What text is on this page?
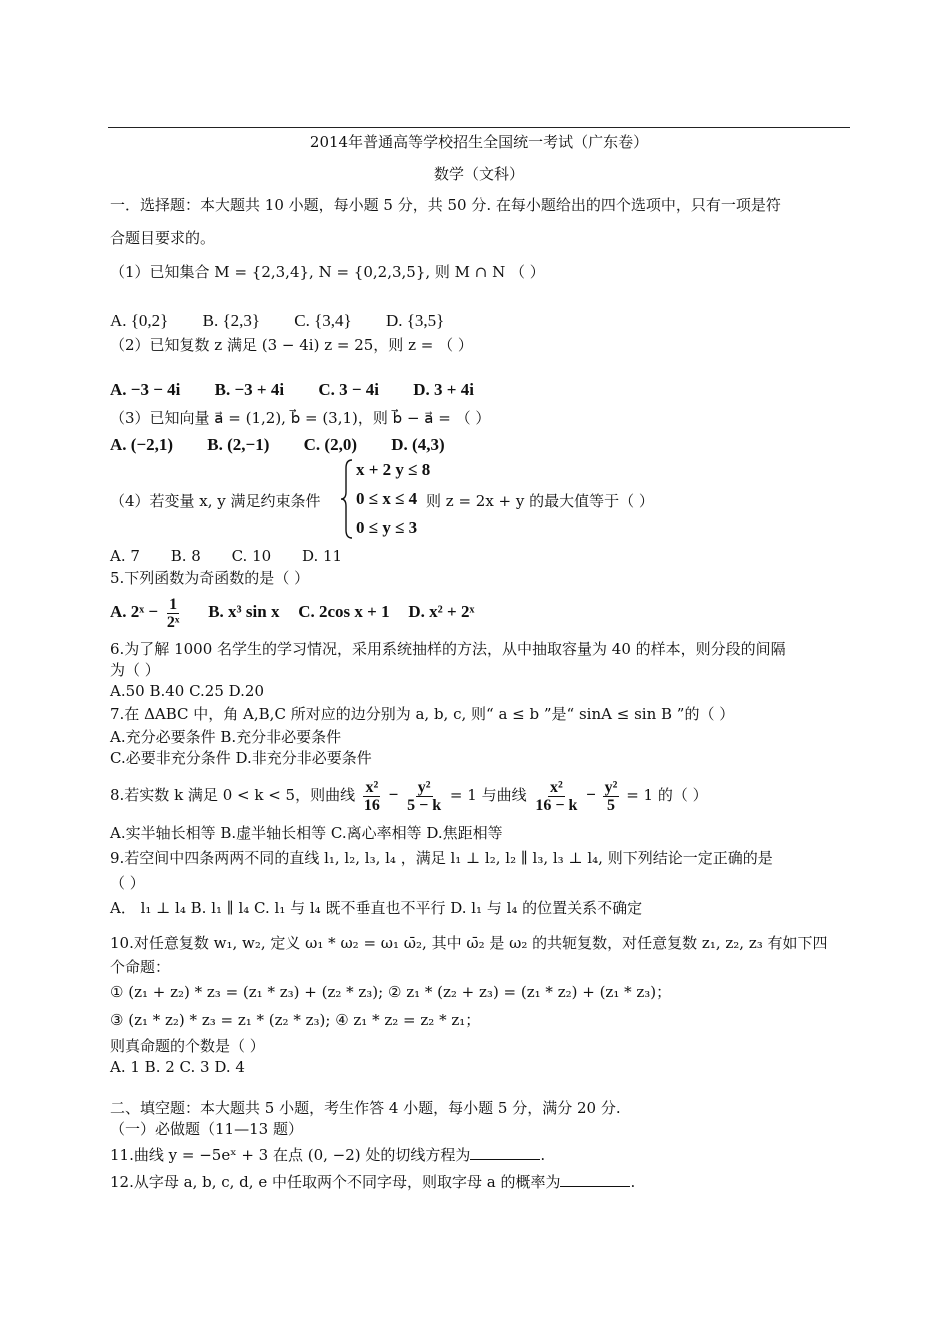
2014年普通高等学校招生全国统一考试（广东卷）
数学（文科）
一．选择题：本大题共 10 小题，每小题 5 分，共 50 分. 在每小题给出的四个选项中，只有一项是符
合题目要求的。
（1）已知集合 M = {2,3,4}, N = {0,2,3,5}, 则 M ∩ N （ ）
A. {0,2} B. {2,3} C. {3,4} D. {3,5}
（2）已知复数 z 满足 (3 − 4i) z = 25，则 z = （ ）
A. −3 − 4i B. −3 + 4i C. 3 − 4i D. 3 + 4i
（3）已知向量 a⃗ = (1,2), b⃗ = (3,1)，则 b⃗ − a⃗ = （ ）
A. (−2,1) B. (2,−1) C. (2,0) D. (4,3)
（4）若变量 x, y 满足约束条件
x + 2 y ≤ 8
0 ≤ x ≤ 4
0 ≤ y ≤ 3
则 z = 2x + y 的最大值等于（ ）
A. 7 B. 8 C. 10 D. 11
5.下列函数为奇函数的是（ ）
A. 2ˣ − $\frac{1}{\text{2ˣ}} B$. x³ sin x C. 2cos x + 1 D. x² + 2ˣ
6.为了解 1000 名学生的学习情况，采用系统抽样的方法，从中抽取容量为 40 的样本，则分段的间隔
为（ ）
A.50 B.40 C.25 D.20
7.在 ΔABC 中，角 A,B,C 所对应的边分别为 a, b, c, 则“ a ≤ b ”是“ sinA ≤ sin B ”的（ ）
A.充分必要条件 B.充分非必要条件
C.必要非充分条件 D.非充分非必要条件
8.若实数 k 满足 0 < k < 5，则曲线 $\frac{\text{x²}}{16} - \frac{\text{y²}}{5 - k} = 1$ 与曲线 $\frac{\text{x²}}{16 - k} - \frac{\text{y²}}{5} = 1$ 的（ ）
A.实半轴长相等 B.虚半轴长相等 C.离心率相等 D.焦距相等
9.若空间中四条两两不同的直线 l₁, l₂, l₃, l₄ ，满足 l₁ ⊥ l₂, l₂ ∥ l₃, l₃ ⊥ l₄, 则下列结论一定正确的是
（ ）
A． l₁ ⊥ l₄ B. l₁ ∥ l₄ C. l₁ 与 l₄ 既不垂直也不平行 D. l₁ 与 l₄ 的位置关系不确定
10.对任意复数 w₁, w₂, 定义 ω₁ * ω₂ = ω₁ ω̄₂, 其中 ω̄₂ 是 ω₂ 的共轭复数，对任意复数 z₁, z₂, z₃ 有如下四
个命题：
① (z₁ + z₂) * z₃ = (z₁ * z₃) + (z₂ * z₃); ② z₁ * (z₂ + z₃) = (z₁ * z₂) + (z₁ * z₃)；
③ (z₁ * z₂) * z₃ = z₁ * (z₂ * z₃); ④ z₁ * z₂ = z₂ * z₁；
则真命题的个数是（ ）
A. 1 B. 2 C. 3 D. 4
二、填空题：本大题共 5 小题，考生作答 4 小题，每小题 5 分，满分 20 分.
（一）必做题（11—13 题）
11.曲线 y = −5eˣ + 3 在点 (0, −2) 处的切线方程为	.
12.从字母 a, b, c, d, e 中任取两个不同字母，则取字母 a 的概率为	.
